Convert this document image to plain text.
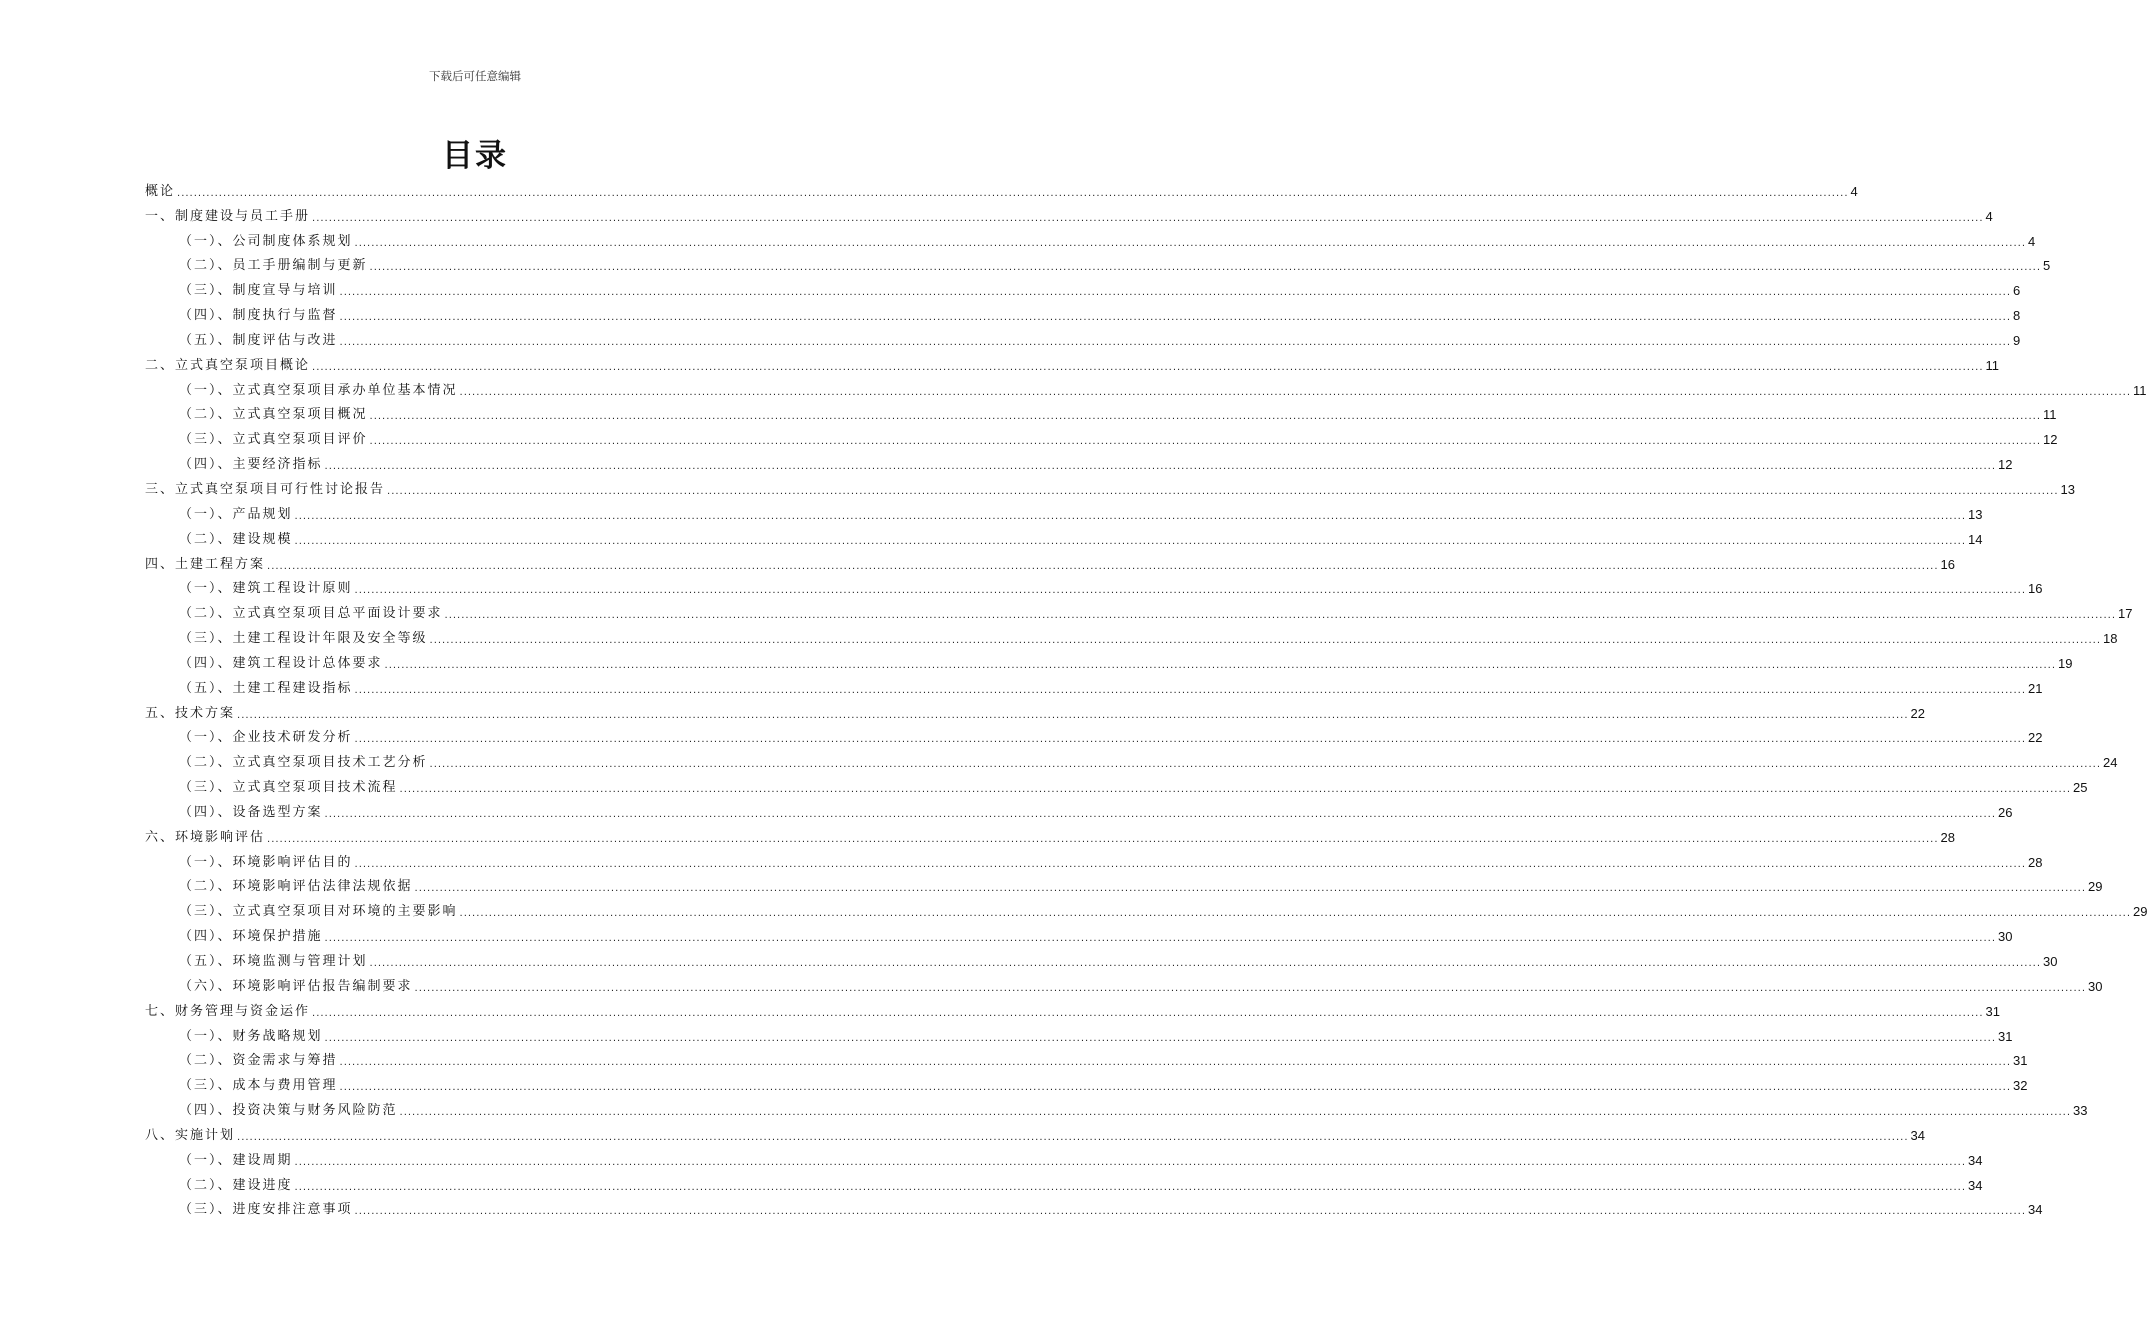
下载后可任意编辑
目录
概论 ................................................................................................................................................................................................................................................................................................................................................................................................................ 4
一、制度建设与员工手册 ................................................................................................................................................................................................................................................................................................................................................................................................................ 4
（一）、公司制度体系规划 ................................................................................................................................................................................................................................................................................................................................................................................................................ 4
（二）、员工手册编制与更新 ................................................................................................................................................................................................................................................................................................................................................................................................................ 5
（三）、制度宣导与培训 ................................................................................................................................................................................................................................................................................................................................................................................................................ 6
（四）、制度执行与监督 ................................................................................................................................................................................................................................................................................................................................................................................................................ 8
（五）、制度评估与改进 ................................................................................................................................................................................................................................................................................................................................................................................................................ 9
二、立式真空泵项目概论 ................................................................................................................................................................................................................................................................................................................................................................................................................ 11
（一）、立式真空泵项目承办单位基本情况 ................................................................................................................................................................................................................................................................................................................................................................................................................ 11
（二）、立式真空泵项目概况 ................................................................................................................................................................................................................................................................................................................................................................................................................ 11
（三）、立式真空泵项目评价 ................................................................................................................................................................................................................................................................................................................................................................................................................ 12
（四）、主要经济指标 ................................................................................................................................................................................................................................................................................................................................................................................................................ 12
三、立式真空泵项目可行性讨论报告 ................................................................................................................................................................................................................................................................................................................................................................................................................ 13
（一）、产品规划 ................................................................................................................................................................................................................................................................................................................................................................................................................ 13
（二）、建设规模 ................................................................................................................................................................................................................................................................................................................................................................................................................ 14
四、土建工程方案 ................................................................................................................................................................................................................................................................................................................................................................................................................ 16
（一）、建筑工程设计原则 ................................................................................................................................................................................................................................................................................................................................................................................................................ 16
（二）、立式真空泵项目总平面设计要求 ................................................................................................................................................................................................................................................................................................................................................................................................................ 17
（三）、土建工程设计年限及安全等级 ................................................................................................................................................................................................................................................................................................................................................................................................................ 18
（四）、建筑工程设计总体要求 ................................................................................................................................................................................................................................................................................................................................................................................................................ 19
（五）、土建工程建设指标 ................................................................................................................................................................................................................................................................................................................................................................................................................ 21
五、技术方案 ................................................................................................................................................................................................................................................................................................................................................................................................................ 22
（一）、企业技术研发分析 ................................................................................................................................................................................................................................................................................................................................................................................................................ 22
（二）、立式真空泵项目技术工艺分析 ................................................................................................................................................................................................................................................................................................................................................................................................................ 24
（三）、立式真空泵项目技术流程 ................................................................................................................................................................................................................................................................................................................................................................................................................ 25
（四）、设备选型方案 ................................................................................................................................................................................................................................................................................................................................................................................................................ 26
六、环境影响评估 ................................................................................................................................................................................................................................................................................................................................................................................................................ 28
（一）、环境影响评估目的 ................................................................................................................................................................................................................................................................................................................................................................................................................ 28
（二）、环境影响评估法律法规依据 ................................................................................................................................................................................................................................................................................................................................................................................................................ 29
（三）、立式真空泵项目对环境的主要影响 ................................................................................................................................................................................................................................................................................................................................................................................................................ 29
（四）、环境保护措施 ................................................................................................................................................................................................................................................................................................................................................................................................................ 30
（五）、环境监测与管理计划 ................................................................................................................................................................................................................................................................................................................................................................................................................ 30
（六）、环境影响评估报告编制要求 ................................................................................................................................................................................................................................................................................................................................................................................................................ 30
七、财务管理与资金运作 ................................................................................................................................................................................................................................................................................................................................................................................................................ 31
（一）、财务战略规划 ................................................................................................................................................................................................................................................................................................................................................................................................................ 31
（二）、资金需求与筹措 ................................................................................................................................................................................................................................................................................................................................................................................................................ 31
（三）、成本与费用管理 ................................................................................................................................................................................................................................................................................................................................................................................................................ 32
（四）、投资决策与财务风险防范 ................................................................................................................................................................................................................................................................................................................................................................................................................ 33
八、实施计划 ................................................................................................................................................................................................................................................................................................................................................................................................................ 34
（一）、建设周期 ................................................................................................................................................................................................................................................................................................................................................................................................................ 34
（二）、建设进度 ................................................................................................................................................................................................................................................................................................................................................................................................................ 34
（三）、进度安排注意事项 ................................................................................................................................................................................................................................................................................................................................................................................................................ 34
